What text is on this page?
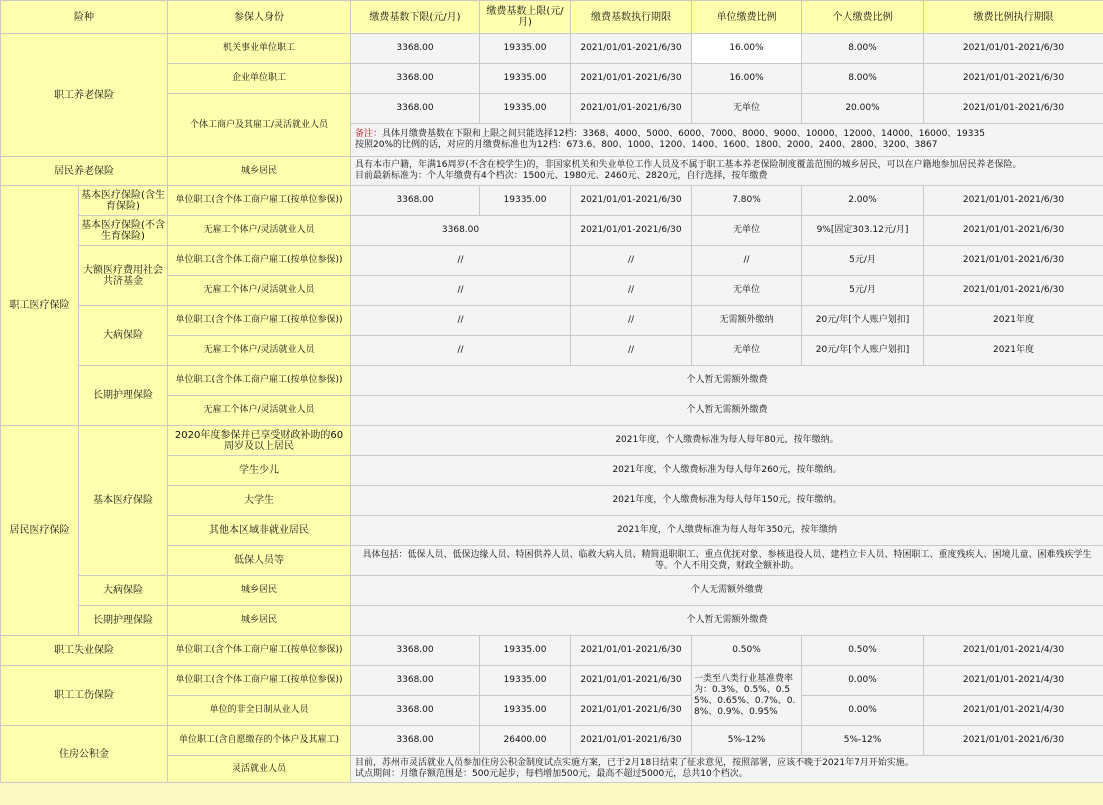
险种		参保人身份	缴费基数下限(元/月)	缴费基数上限(元/月)	缴费基数执行期限	单位缴费比例	个人缴费比例	缴费比例执行期限
职工养老保险		机关事业单位职工	3368.00	19335.00	2021/01/01-2021/6/30	16.00%	8.00%	2021/01/01-2021/6/30
		企业单位职工	3368.00	19335.00	2021/01/01-2021/6/30	16.00%	8.00%	2021/01/01-2021/6/30
		个体工商户及其雇工/灵活就业人员	3368.00	19335.00	2021/01/01-2021/6/30	无单位	20.00%	2021/01/01-2021/6/30
			备注：具体月缴费基数在下限和上限之间只能选择12档：3368、4000、5000、6000、7000、8000、9000、10000、12000、14000、16000、19335
按照20%的比例的话，对应的月缴费标准也为12档：673.6、800、1000、1200、1400、1600、1800、2000、2400、2800、3200、3867					
居民养老保险		城乡居民	具有本市户籍，年满16周岁(不含在校学生)的，非国家机关和失业单位工作人员及不属于职工基本养老保险制度覆盖范围的城乡居民，可以在户籍地参加居民养老保险。
目前最新标准为：个人年缴费有4个档次：1500元、1980元、2460元、2820元，自行选择，按年缴费					
职工医疗保险	基本医疗保险(含生育保险)	单位职工(含个体工商户雇工(按单位参保))	3368.00	19335.00	2021/01/01-2021/6/30	7.80%	2.00%	2021/01/01-2021/6/30
	基本医疗保险(不含生育保险)	无雇工个体户/灵活就业人员	3368.00		2021/01/01-2021/6/30	无单位	9%[固定303.12元/月]	2021/01/01-2021/6/30
	大额医疗费用社会共济基金	单位职工(含个体工商户雇工(按单位参保))	//		//	//	5元/月	2021/01/01-2021/6/30
		无雇工个体户/灵活就业人员	//		//	无单位	5元/月	2021/01/01-2021/6/30
	大病保险	单位职工(含个体工商户雇工(按单位参保))	//		//	无需额外缴纳	20元/年[个人账户划扣]	2021年度
		无雇工个体户/灵活就业人员	//		//	无单位	20元/年[个人账户划扣]	2021年度
	长期护理保险	单位职工(含个体工商户雇工(按单位参保))	个人暂无需额外缴费					
		无雇工个体户/灵活就业人员	个人暂无需额外缴费					
居民医疗保险	基本医疗保险	2020年度参保并已享受财政补助的60周岁及以上居民	2021年度，个人缴费标准为每人每年80元，按年缴纳。					
		学生少儿	2021年度，个人缴费标准为每人每年260元，按年缴纳。					
		大学生	2021年度，个人缴费标准为每人每年150元，按年缴纳。					
		其他本区域非就业居民	2021年度，个人缴费标准为每人每年350元，按年缴纳					
		低保人员等	具体包括：低保人员、低保边缘人员、特困供养人员、临救大病人员、精简退职职工、重点优抚对象、参核退役人员、建档立卡人员、特困职工、重度残疾人、困境儿童、困难残疾学生等。个人不用交费，财政全额补助。					
	大病保险	城乡居民	个人无需额外缴费					
	长期护理保险	城乡居民	个人暂无需额外缴费					
职工失业保险		单位职工(含个体工商户雇工(按单位参保))	3368.00	19335.00	2021/01/01-2021/6/30	0.50%	0.50%	2021/01/01-2021/4/30
职工工伤保险		单位职工(含个体工商户雇工(按单位参保))	3368.00	19335.00	2021/01/01-2021/6/30	一类至八类行业基准费率为：0.3%、0.5%、0.55%、0.65%、0.7%、0.8%、0.9%、0.95%	0.00%	2021/01/01-2021/4/30
		单位的非全日制从业人员	3368.00	19335.00	2021/01/01-2021/6/30		0.00%	2021/01/01-2021/4/30
住房公积金		单位职工(含自愿缴存的个体户及其雇工)	3368.00	26400.00	2021/01/01-2021/6/30	5%-12%	5%-12%	2021/01/01-2021/6/30
		灵活就业人员	目前，苏州市灵活就业人员参加住房公积金制度试点实施方案，已于2月18日结束了征求意见，按照部署，应该不晚于2021年7月开始实施。
试点期间：月缴存额范围是：500元起步，每档增加500元，最高不超过5000元，总共10个档次。					
